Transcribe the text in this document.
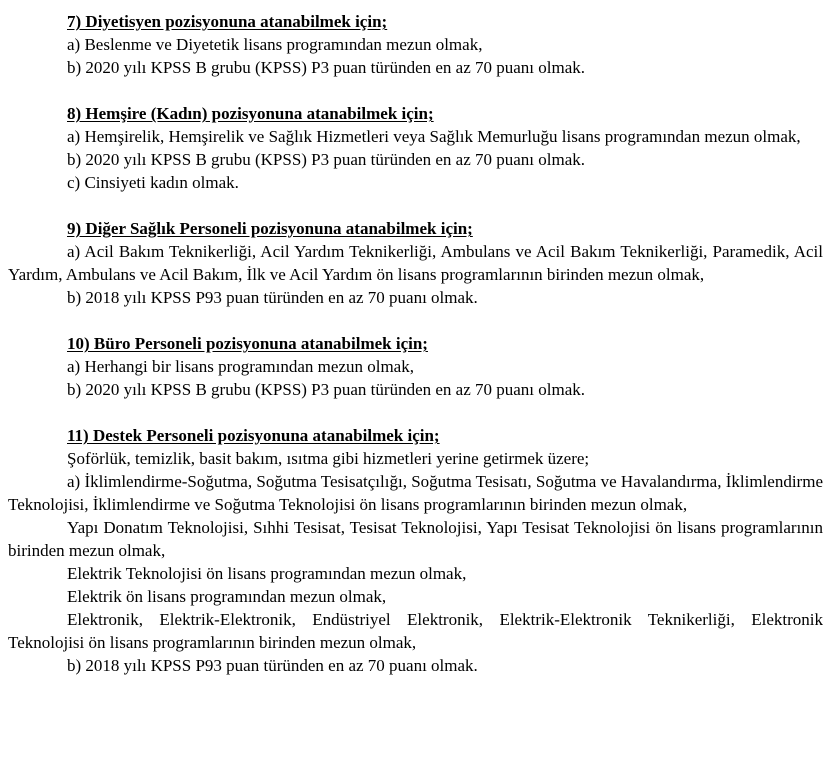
7) Diyetisyen pozisyonuna atanabilmek için;
a) Beslenme ve Diyetetik lisans programından mezun olmak,
b) 2020 yılı KPSS B grubu (KPSS) P3 puan türünden en az 70 puanı olmak.
8) Hemşire (Kadın) pozisyonuna atanabilmek için;
a) Hemşirelik, Hemşirelik ve Sağlık Hizmetleri veya Sağlık Memurluğu lisans programından mezun olmak,
b) 2020 yılı KPSS B grubu (KPSS) P3 puan türünden en az 70 puanı olmak.
c) Cinsiyeti kadın olmak.
9) Diğer Sağlık Personeli pozisyonuna atanabilmek için;
a) Acil Bakım Teknikerliği, Acil Yardım Teknikerliği, Ambulans ve Acil Bakım Teknikerliği, Paramedik, Acil Yardım, Ambulans ve Acil Bakım, İlk ve Acil Yardım ön lisans programlarının birinden mezun olmak,
b) 2018 yılı KPSS P93 puan türünden en az 70 puanı olmak.
10) Büro Personeli pozisyonuna atanabilmek için;
a) Herhangi bir lisans programından mezun olmak,
b) 2020 yılı KPSS B grubu (KPSS) P3 puan türünden en az 70 puanı olmak.
11) Destek Personeli pozisyonuna atanabilmek için;
Şoförlük, temizlik, basit bakım, ısıtma gibi hizmetleri yerine getirmek üzere;
a) İklimlendirme-Soğutma, Soğutma Tesisatçılığı, Soğutma Tesisatı, Soğutma ve Havalandırma, İklimlendirme Teknolojisi, İklimlendirme ve Soğutma Teknolojisi ön lisans programlarının birinden mezun olmak,
Yapı Donatım Teknolojisi, Sıhhi Tesisat, Tesisat Teknolojisi, Yapı Tesisat Teknolojisi ön lisans programlarının birinden mezun olmak,
Elektrik Teknolojisi ön lisans programından mezun olmak,
Elektrik ön lisans programından mezun olmak,
Elektronik, Elektrik-Elektronik, Endüstriyel Elektronik, Elektrik-Elektronik Teknikerliği, Elektronik Teknolojisi ön lisans programlarının birinden mezun olmak,
b) 2018 yılı KPSS P93 puan türünden en az 70 puanı olmak.
